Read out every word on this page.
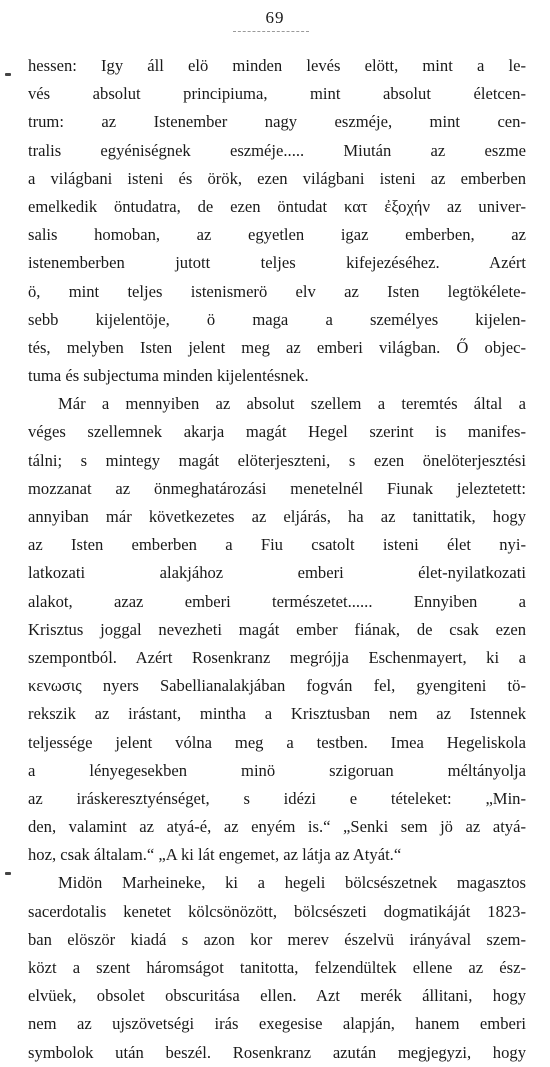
69
hessen: Igy áll elö minden levés elött, mint a le-
vés absolut principiuma, mint absolut életcen-
trum: az Istenember nagy eszméje, mint cen-
tralis egyéniségnek eszméje..... Miután az eszme
a világbani isteni és örök, ezen világbani isteni az emberben
emelkedik öntudatra, de ezen öntudat κατ ἐξοχήν az univer-
salis homoban, az egyetlen igaz emberben, az
istenemberben jutott teljes kifejezéséhez. Azért
ö, mint teljes istenismerö elv az Isten legtökélete-
sebb kijelentöje, ö maga a személyes kijelen-
tés, melyben Isten jelent meg az emberi világban. Ő objec-
tuma és subjectuma minden kijelentésnek.
Már a mennyiben az absolut szellem a teremtés által a
véges szellemnek akarja magát Hegel szerint is manifes-
tálni; s mintegy magát elöterjeszteni, s ezen önelöterjesztési
mozzanat az önmeghatározási menetelnél Fiunak jeleztetett:
annyiban már következetes az eljárás, ha az tanittatik, hogy
az Isten emberben a Fiu csatolt isteni élet nyi-
latkozati alakjához emberi élet-nyilatkozati
alakot, azaz emberi természetet...... Ennyiben a
Krisztus joggal nevezheti magát ember fiának, de csak ezen
szempontból. Azért Rosenkranz megrójja Eschenmayert, ki a
κενωσις nyers Sabellianalakjában fogván fel, gyengiteni tö-
rekszik az irástant, mintha a Krisztusban nem az Istennek
teljessége jelent vólna meg a testben. Imea Hegeliskola
a lényegesekben minö szigoruan méltányolja
az iráskeresztyénséget, s idézi e tételeket: „Min-
den, valamint az atyá-é, az enyém is.“ „Senki sem jö az atyá-
hoz, csak általam.“ „A ki lát engemet, az látja az Atyát.“
Midön Marheineke, ki a hegeli bölcsészetnek magasztos
sacerdotalis kenetet kölcsönözött, bölcsészeti dogmatikáját 1823-
ban elöször kiadá s azon kor merev észelvü irányával szem-
közt a szent háromságot tanitotta, felzendültek ellene az ész-
elvüek, obsolet obscuritása ellen. Azt merék állitani, hogy
nem az ujszövetségi irás exegesise alapján, hanem emberi
symbolok után beszél. Rosenkranz azután megjegyzi, hogy
